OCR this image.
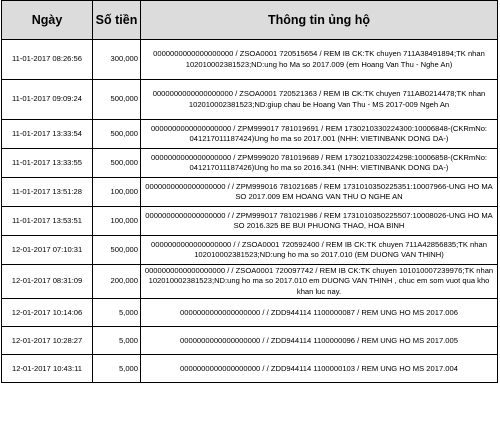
Ngày	Số tiền	Thông tin ủng hộ
11-01-2017 08:26:56	300,000	0000000000000000000 / ZSOA0001 720515654 / REM IB CK:TK chuyen 711A38491894;TK nhan 102010002381523;ND:ung ho Ma so 2017.009 (em Hoang Van Thu - Nghe An)
11-01-2017 09:09:24	500,000	0000000000000000000 / ZSOA0001 720521363 / REM IB CK:TK chuyen 711AB0214478;TK nhan 102010002381523;ND:giup chau be Hoang Van Thu - MS 2017-009 Ngeh An
11-01-2017 13:33:54	500,000	0000000000000000000 / ZPM999017 781019691 / REM 17302103302243​00:10006848-(CKRmNo: 041217011187424)Ung ho ma so 2017.001 (NHH: VIETINBANK DONG DA-)
11-01-2017 13:33:55	500,000	0000000000000000000 / ZPM999020 781019689 / REM 1730210330224298:10006858-(CKRmNo: 041217011187426)Ung ho ma so 2016.341 (NHH: VIETINBANK DONG DA-)
11-01-2017 13:51:28	100,000	0000000000000000000 / / ZPM999016 781021685 / REM 1731010350225351:10007966-UNG HO MA SO 2017.009 EM HOANG VAN THU O NGHE AN
11-01-2017 13:53:51	100,000	0000000000000000000 / / ZPM999017 781021986 / REM 1731010350225507:10008026-UNG HO MA SO 2016.325 BE BUI PHUONG THAO, HOA BINH
12-01-2017 07:10:31	500,000	0000000000000000000 / / ZSOA0001 720592400 / REM IB CK:TK chuyen 711A42856835;TK nhan 102010002381523;ND:ung ho ma so 2017.010 (EM DUONG VAN THINH)
12-01-2017 08:31:09	200,000	0000000000000000000 / / ZSOA0001 720097742 / REM IB CK:TK chuyen 101010007239976;TK nhan 102010002381523;ND:ung ho ma so 2017.010 em DUONG VAN THINH , chuc em som vuot qua kho khan luc nay.
12-01-2017 10:14:06	5,000	0000000000000000000 / / ZDD944114 1100000087 / REM UNG HO MS 2017.006
12-01-2017 10:28:27	5,000	0000000000000000000 / / ZDD944114 1100000096 / REM UNG HO MS 2017.005
12-01-2017 10:43:11	5,000	0000000000000000000 / / ZDD944114 1100000103 / REM UNG HO MS 2017.004
